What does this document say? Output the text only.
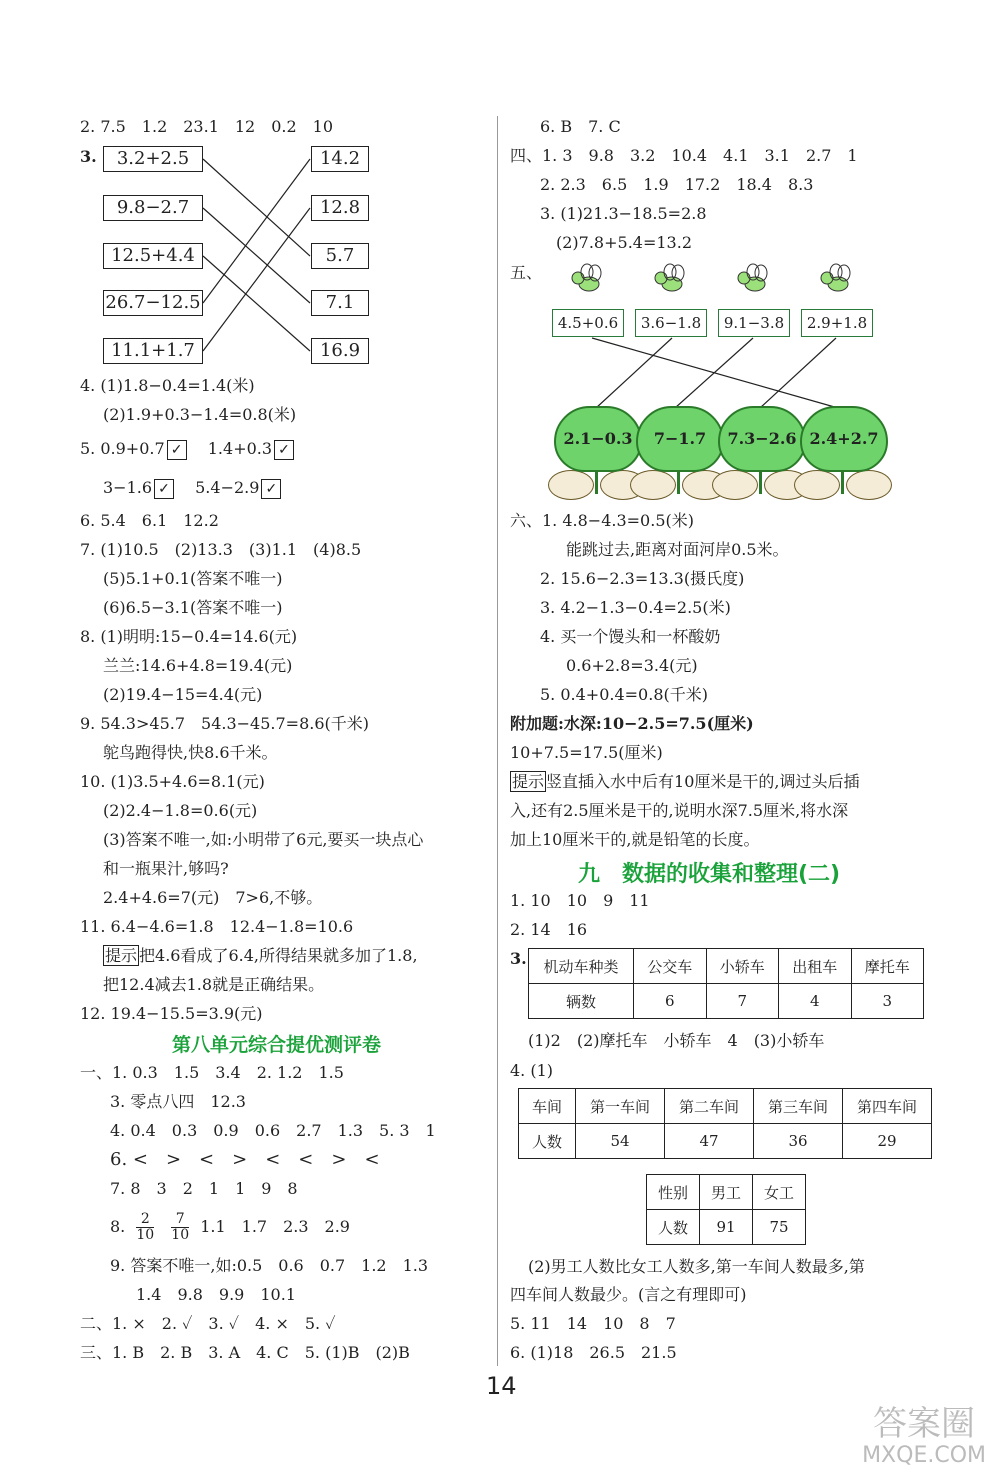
2. 7.5　1.2　23.1　12　0.2　10
3.	3.2+2.5
9.8−2.7
12.5+4.4
26.7−12.5
11.1+1.7
14.2
12.8
5.7
7.1
16.9
4. (1)1.8−0.4=1.4(米)
(2)1.9+0.3−1.4=0.8(米)
5. 0.9+0.7 ✓ 1.4+0.3 ✓
3−1.6 ✓ 5.4−2.9 ✓
6. 5.4　6.1　12.2
7. (1)10.5　(2)13.3　(3)1.1　(4)8.5
(5)5.1+0.1(答案不唯一)
(6)6.5−3.1(答案不唯一)
8. (1)明明:15−0.4=14.6(元)
兰兰:14.6+4.8=19.4(元)
(2)19.4−15=4.4(元)
9. 54.3>45.7　54.3−45.7=8.6(千米)
鸵鸟跑得快,快8.6千米。
10. (1)3.5+4.6=8.1(元)
(2)2.4−1.8=0.6(元)
(3)答案不唯一,如:小明带了6元,要买一块点心
和一瓶果汁,够吗?
2.4+4.6=7(元)　7>6,不够。
11. 6.4−4.6=1.8　12.4−1.8=10.6
提示 把4.6看成了6.4,所得结果就多加了1.8,
把12.4减去1.8就是正确结果。
12. 19.4−15.5=3.9(元)
第八单元综合提优测评卷
一、1. 0.3　1.5　3.4　2. 1.2　1.5
3. 零点八四　12.3
4. 0.4　0.3　0.9　0.6　2.7　1.3　5. 3　1
6. <　>　<　>　<　<　>　<
7. 8　3　2　1　1　9　8
8. $\frac{2}{10}$
$\frac{7}{10} 1.1$　1.7　2.3　2.9
9. 答案不唯一,如:0.5　0.6　0.7　1.2　1.3
1.4　9.8　9.9　10.1
二、1. ×　2. ✓　3. ✓　4. ×　5. ✓
三、1. B　2. B　3. A　4. C　5. (1)B　(2)B
6. B　7. C
四、1. 3　9.8　3.2　10.4　4.1　3.1　2.7　1
2. 2.3　6.5　1.9　17.2　18.4　8.3
3. (1)21.3−18.5=2.8
(2)7.8+5.4=13.2
五、
4.5+0.6	3.6−1.8	9.1−3.8	2.9+1.8
2.1−0.3	7−1.7	7.3−2.6 2.4+2.7
六、1. 4.8−4.3=0.5(米)
能跳过去,距离对面河岸0.5米。
2. 15.6−2.3=13.3(摄氏度)
3. 4.2−1.3−0.4=2.5(米)
4. 买一个馒头和一杯酸奶
0.6+2.8=3.4(元)
5. 0.4+0.4=0.8(千米)
附加题:水深:10−2.5=7.5(厘米)
10+7.5=17.5(厘米)
提示 竖直插入水中后有10厘米是干的,调过头后插
入,还有2.5厘米是干的,说明水深7.5厘米,将水深
加上10厘米干的,就是铅笔的长度。
九　数据的收集和整理(二)
1. 10　10　9　11
2. 14　16
3. 机动车种类	公交车	小轿车	出租车	摩托车
辆数	6	7	4	3
(1)2　(2)摩托车　小轿车　4　(3)小轿车
4. (1)
车间	第一车间	第二车间	第三车间	第四车间
人数	54	47	36	29
性别	男工	女工
人数	91	75
(2)男工人数比女工人数多,第一车间人数最多,第
四车间人数最少。(言之有理即可)
5. 11　14　10　8　7
6. (1)18　26.5　21.5
14
答案圈
MXQE.COM
